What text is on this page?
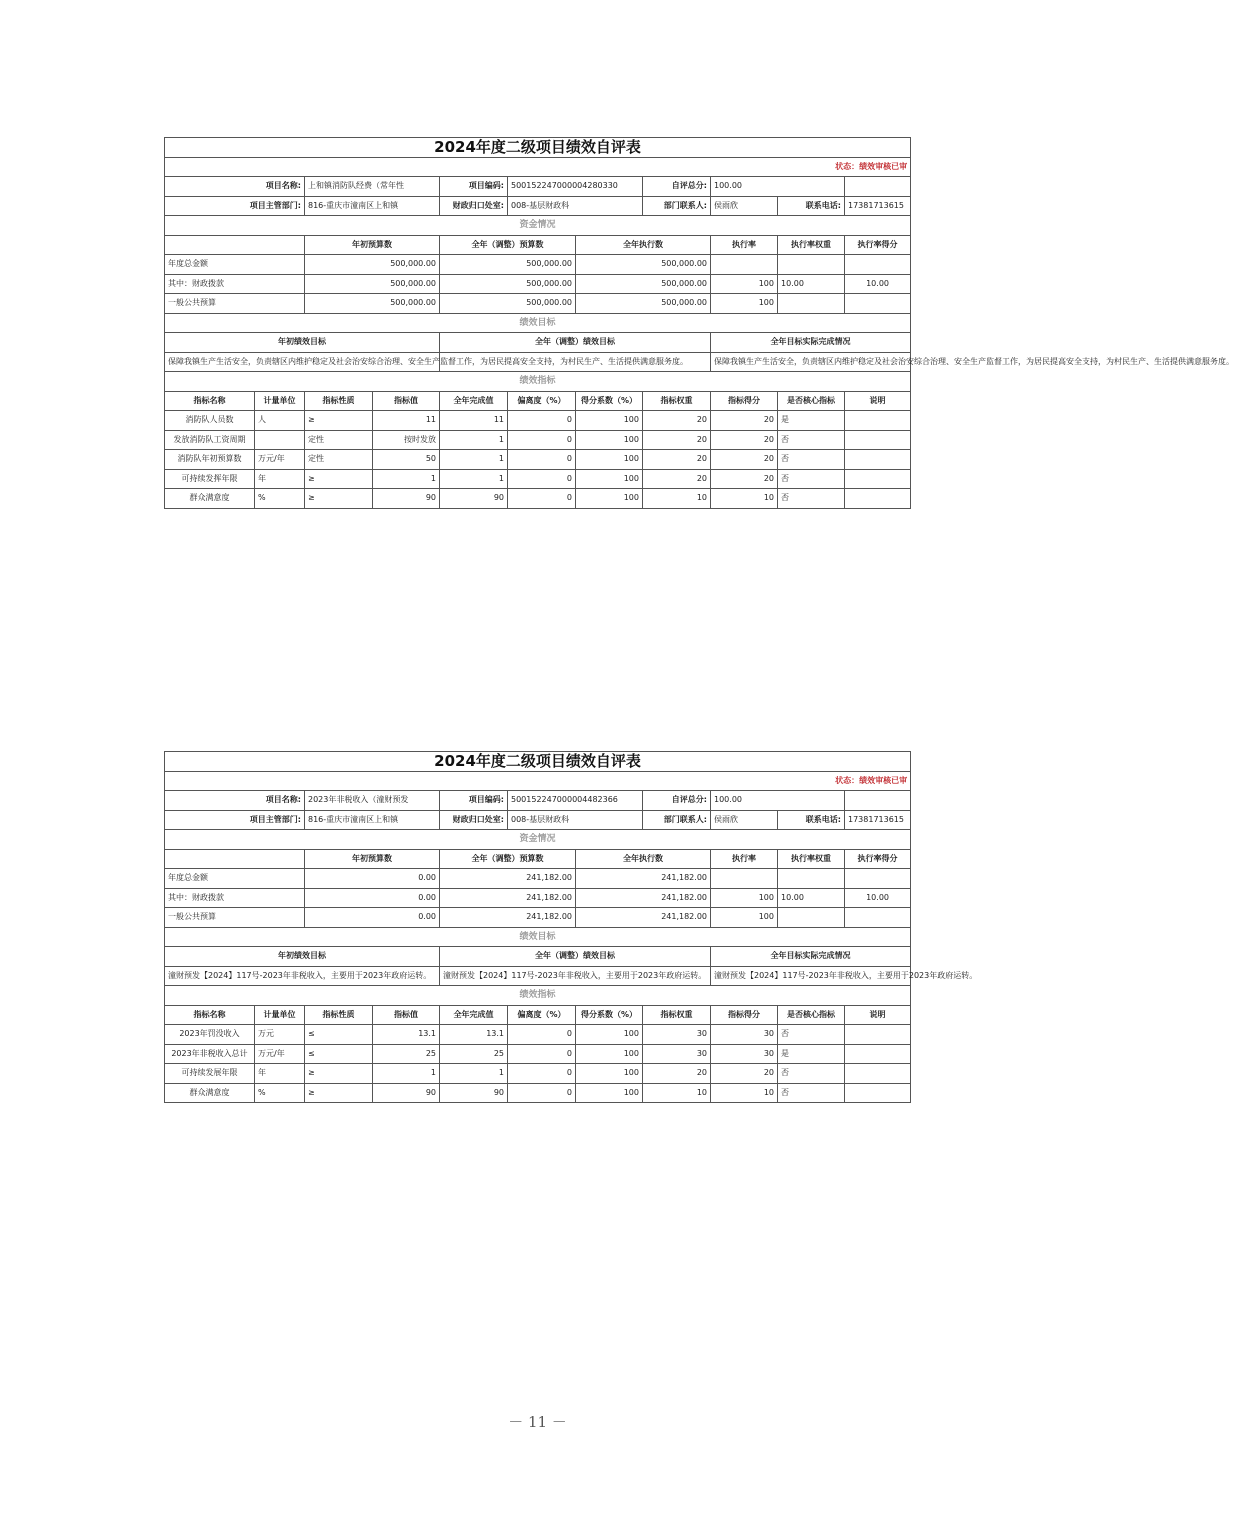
2024年度二级项目绩效自评表										
状态：绩效审核已审										
项目名称:		上和镇消防队经费（常年性		项目编码:	500152247000004280330		自评总分:	100.00		
项目主管部门:		816-重庆市潼南区上和镇		财政归口处室:	008-基层财政科		部门联系人:	侯雨欣	联系电话:	17381713615
资金情况										
		年初预算数		全年（调整）预算数		全年执行数		执行率	执行率权重	执行率得分
年度总金额		500,000.00		500,000.00		500,000.00				
其中：财政拨款		500,000.00		500,000.00		500,000.00		100	10.00	10.00
一般公共预算		500,000.00		500,000.00		500,000.00		100		
绩效目标										
年初绩效目标				全年（调整）绩效目标				全年目标实际完成情况		
保障我镇生产生活安全，负责辖区内维护稳定及社会治安综合治理、安全生产监督工作，为居民提高安全支持，为村民生产、生活提供满意服务度。								保障我镇生产生活安全，负责辖区内维护稳定及社会治安综合治理、安全生产监督工作，为居民提高安全支持，为村民生产、生活提供满意服务度。		
绩效指标										
指标名称	计量单位	指标性质	指标值	全年完成值	偏离度（%）	得分系数（%）	指标权重	指标得分	是否核心指标	说明
消防队人员数	人	≥	11	11	0	100	20	20	是	
发放消防队工资周期		定性	按时发放	1	0	100	20	20	否	
消防队年初预算数	万元/年	定性	50	1	0	100	20	20	否	
可持续发挥年限	年	≥	1	1	0	100	20	20	否	
群众满意度	%	≥	90	90	0	100	10	10	否	
2024年度二级项目绩效自评表										
状态：绩效审核已审										
项目名称:		2023年非税收入（潼财预发		项目编码:	500152247000004482366		自评总分:	100.00		
项目主管部门:		816-重庆市潼南区上和镇		财政归口处室:	008-基层财政科		部门联系人:	侯雨欣	联系电话:	17381713615
资金情况										
		年初预算数		全年（调整）预算数		全年执行数		执行率	执行率权重	执行率得分
年度总金额		0.00		241,182.00		241,182.00				
其中：财政拨款		0.00		241,182.00		241,182.00		100	10.00	10.00
一般公共预算		0.00		241,182.00		241,182.00		100		
绩效目标										
年初绩效目标				全年（调整）绩效目标				全年目标实际完成情况		
潼财预发【2024】117号-2023年非税收入，主要用于2023年政府运转。				潼财预发【2024】117号-2023年非税收入，主要用于2023年政府运转。				潼财预发【2024】117号-2023年非税收入，主要用于2023年政府运转。		
绩效指标										
指标名称	计量单位	指标性质	指标值	全年完成值	偏离度（%）	得分系数（%）	指标权重	指标得分	是否核心指标	说明
2023年罚没收入	万元	≤	13.1	13.1	0	100	30	30	否	
2023年非税收入总计	万元/年	≤	25	25	0	100	30	30	是	
可持续发展年限	年	≥	1	1	0	100	20	20	否	
群众满意度	%	≥	90	90	0	100	10	10	否	
－ 11 －
